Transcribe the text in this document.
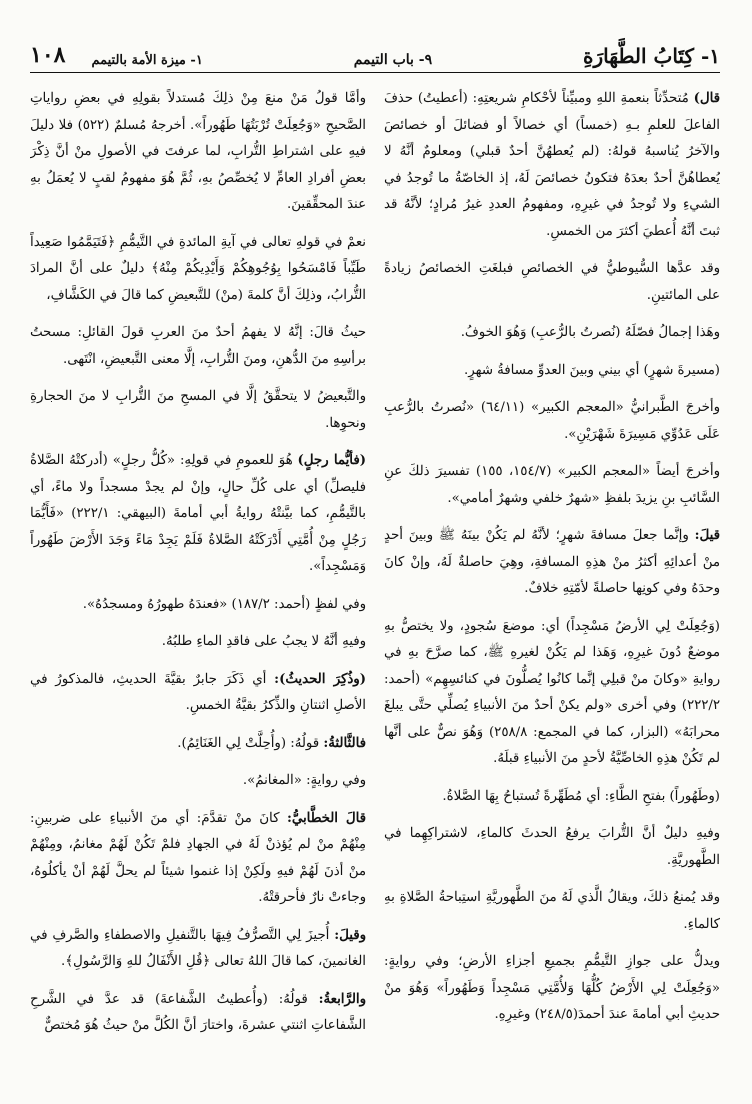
١- كِتَابُ الطَّهَارَةِ
٩- باب التيمم
١- ميزة الأمة بالتيمم
١٠٨

قال) مُتحدِّثاً بنعمةِ اللهِ ومبيِّناً لأحْكامِ شريعتِهِ: (أعطيتُ) حذفَ الفاعلَ للعلمِ بـهِ (خمساً) أي خصالاً أو فضائلَ أو خصائصَ والآخرُ يُناسبهُ قولهُ: (لم يُعطهُنَّ أحدٌ قبلي) ومعلومٌ أنَّهُ لا يُعطاهُنَّ أحدٌ بعدَهُ فتكونُ خصائصَ لَهُ، إذ الخاصّةُ ما تُوجدُ في الشيءِ ولا تُوجدُ في غيرِهِ، ومفهومُ العددِ غيرُ مُرادٍ؛ لأنَّهُ قد ثبتَ أنَّهُ أُعطيَ أكثرَ من الخمسِ.

وقد عدَّها السُّيوطيُّ في الخصائصِ فبلغَتِ الخصائصُ زيادةً على المائتينِ.

وهَذا إجمالُ فصّلَهُ (نُصرتُ بالرُّعبِ) وَهُوَ الخوفُ.

(مسيرةَ شهرٍ) أي بيني وبينَ العدوِّ مسافةُ شهرٍ.

وأخرجَ الطَّبرانيُّ «المعجم الكبير» (٦٤/١١) «نُصرتُ بالرُّعبِ عَلَى عَدُوِّي مَسِيرَةَ شَهْرَيْنِ».

وأخرجَ أيضاً «المعجم الكبير» (١٥٤/٧، ١٥٥) تفسيرَ ذلكَ عنِ السَّائبِ بنِ يزيدَ بلفظِ «شهرٌ خلفي وشهرٌ أمامي».

قيلَ: وإنَّما جعلَ مسافةَ شهرٍ؛ لأنَّهُ لم يَكُنْ بينَهُ ﷺ وبينَ أحدٍ منْ أعدائِهِ أكثرُ منْ هذِهِ المسافةِ، وهِيَ حاصلةٌ لَهُ، وإنْ كانَ وحدَهُ وفي كونِها حاصلةً لأمّتِهِ خلافٌ.

(وَجُعِلَتْ لِي الأرضُ مَسْجِداً) أي: موضعَ سُجودٍ، ولا يختصُّ بهِ موضعٌ دُونَ غيرِهِ، وَهَذا لم يَكُنْ لغيرهِ ﷺ، كما صرَّحَ بهِ في روايةِ «وكانَ منْ قبلِي إنَّما كانُوا يُصلُّونَ في كنائسِهِم» (أحمد: ٢٢٢/٢) وفي أخرى «ولم يكنْ أحدٌ منَ الأنبياءِ يُصلِّي حتَّى يبلغَ محرابَهُ» (البزار، كما في المجمع: ٢٥٨/٨) وَهُوَ نصٌّ على أنَّها لم تَكُنْ هذِهِ الخاصِّيَّةُ لأحدٍ منَ الأنبياءِ قبلَهُ.

(وطَهُوراً) بفتحِ الطَّاءِ: أي مُطَهِّرةً تُستباحُ بِهَا الصَّلاةُ.

وفيهِ دليلٌ أنَّ التُّرابَ يرفعُ الحدثَ كالماءِ، لاشتراكِهِما في الطَّهوريَّةِ.

وقد يُمنعُ ذلكَ، ويقالُ الَّذي لَهُ منَ الطَّهوريَّةِ استِباحةُ الصَّلاةِ بهِ كالماءِ.

ويدلُّ على جوازِ التَّيمُّمِ بجميعِ أجزاءِ الأرضِ؛ وفي روايةٍ: «وَجُعِلَتْ لِي الأَرْضُ كُلُّهَا وَلأُمَّتِي مَسْجِداً وَطَهُوراً» وَهُوَ منْ حديثِ أبي أمامةَ عندَ أحمدَ(٢٤٨/٥) وغيرِهِ.

وأمَّا قولُ مَنْ منعَ مِنْ ذلِكَ مُستدلاً بقولِهِ في بعضِ رواياتِ الصَّحيحِ «وَجُعِلَتْ تُرْبَتُهَا طَهُوراً». أخرجهُ مُسلمٌ (٥٢٢) فلا دليلَ فيهِ على اشتراطِ التُّرابِ، لما عرفتَ في الأصولِ منْ أنَّ ذِكْرَ بعضِ أفرادِ العامِّ لا يُخصِّصُ بهِ، ثُمَّ هُوَ مفهومُ لقبٍ لا يُعمَلُ بهِ عندَ المحقِّقينَ.

نعمْ في قولهِ تعالى في آيةِ المائدةِ في التَّيمُّمِ ﴿فَتَيَمَّمُوا صَعِيداً طَيِّباً فَامْسَحُوا بِوُجُوهِكُمْ وَأَيْدِيكُمْ مِنْهُ﴾ دليلٌ على أنَّ المرادَ التُّرابُ، وذلِكَ أنَّ كلمةَ (منْ) للتَّبعيضِ كما قالَ في الكَشَّافِ،

حيثُ قالَ: إنَّهُ لا يفهمُ أحدٌ منَ العربِ قولَ القائلِ: مسحتُ برأسِهِ منَ الدُّهنِ، ومنَ التُّرابِ، إلَّا معنى التَّبعيضِ، انْتَهى.

والتَّبعيضُ لا يتحقَّقُ إلَّا في المسحِ منَ التُّرابِ لا منَ الحجارةِ ونحوِها.

(فأيُّما رجلٍ) هُوَ للعمومِ في قولِهِ: «كُلُّ رجلٍ» (أدركتْهُ الصَّلاةُ فليصلِّ) أي على كُلِّ حالٍ، وإنْ لم يجدْ مسجداً ولا ماءً، أي بالتَّيمُّمِ، كما بيَّنتْهُ روايةُ أبي أمامةَ (البيهقي: ٢٢٢/١) «فَأَيُّمَا رَجُلٍ مِنْ أُمَّتِي أَدْرَكَتْهُ الصَّلاةُ فَلَمْ يَجِدْ مَاءً وَجَدَ الأَرْضَ طَهُوراً وَمَسْجِداً».

وفي لفظٍ (أحمد: ١٨٧/٢) «فعندَهُ طهورُهُ ومسجدُهُ».

وفيهِ أنَّهُ لا يجبُ على فاقدِ الماءِ طلبُهُ.

(وذُكِرَ الحديثُ): أي ذَكَرَ جابرٌ بقيَّةَ الحديثِ، فالمذكورُ في الأصلِ اثنتانِ والذِّكرُ بقيَّةُ الخمسِ.

فالثَّالثةُ: قولُهُ: (وأُحِلَّتْ لِي الغَنَائِمُ).

وفي روايةٍ: «المغانمُ».

قالَ الخطَّابيُّ: كانَ منْ تقدَّمَ: أي منَ الأنبياءِ على ضربينِ: مِنْهُمْ منْ لم يُؤذنْ لَهُ في الجهادِ فلمْ تَكُنْ لَهُمْ مغانمُ، ومِنْهُمْ منْ أذنَ لَهُمْ فيهِ ولَكِنْ إذا غنموا شيئاً لم يحلَّ لَهُمْ أنْ يأكلُوهُ، وجاءتْ نارٌ فأحرقتْهُ.

وقيلَ: أُجيزَ لِي التَّصرُّفُ فِيهَا بالتَّنفيلِ والاصطفاءِ والصَّرفِ في الغانمينَ، كما قالَ اللهُ تعالى ﴿قُلِ الأَنْفَالُ للهِ وَالرَّسُولِ﴾.

والرَّابعةُ: قولُهُ: (وأُعطيتُ الشَّفاعةَ) قد عدَّ في الشَّرحِ الشَّفاعاتِ اثنتي عشرةَ، واختارَ أنَّ الكُلَّ منْ حيثُ هُوَ مُختصٌّ
